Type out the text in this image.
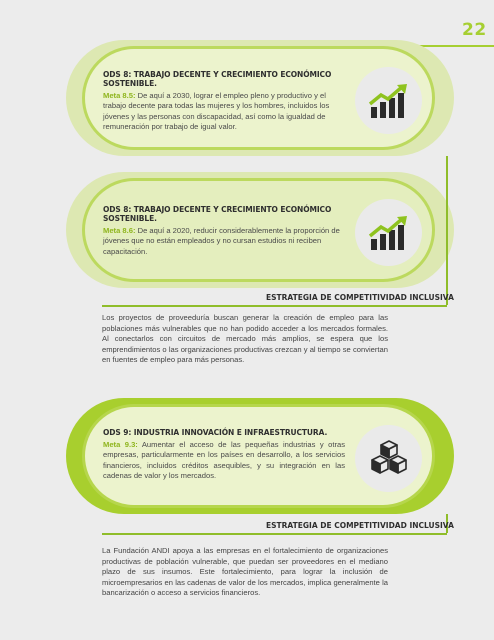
22
ODS 8: TRABAJO DECENTE Y CRECIMIENTO ECONÓMICO SOSTENIBLE.
Meta 8.5: De aquí a 2030, lograr el empleo pleno y productivo y el trabajo decente para todas las mujeres y los hombres, incluidos los jóvenes y las personas con discapacidad, así como la igualdad de remuneración por trabajo de igual valor.
ODS 8: TRABAJO DECENTE Y CRECIMIENTO ECONÓMICO SOSTENIBLE.
Meta 8.6: De aquí a 2020, reducir considerablemente la proporción de jóvenes que no están empleados y no cursan estudios ni reciben capacitación.
ESTRATEGIA DE COMPETITIVIDAD INCLUSIVA
Los proyectos de proveeduría buscan generar la creación de empleo para las poblaciones más vulnerables que no han podido acceder a los mercados formales. Al conectarlos con circuitos de mercado más amplios, se espera que los emprendimientos o las organizaciones productivas crezcan y al tiempo se conviertan en fuentes de empleo para más personas.
ODS 9: INDUSTRIA INNOVACIÓN E INFRAESTRUCTURA.
Meta 9.3: Aumentar el acceso de las pequeñas industrias y otras empresas, particularmente en los países en desarrollo, a los servicios financieros, incluidos créditos asequibles, y su integración en las cadenas de valor y los mercados.
ESTRATEGIA DE COMPETITIVIDAD INCLUSIVA
La Fundación ANDI apoya a las empresas en el fortalecimiento de organizaciones productivas de población vulnerable, que puedan ser proveedores en el mediano plazo de sus insumos. Este fortalecimiento, para lograr la inclusión de microempresarios en las cadenas de valor de los mercados, implica generalmente la bancarización o acceso a servicios financieros.
